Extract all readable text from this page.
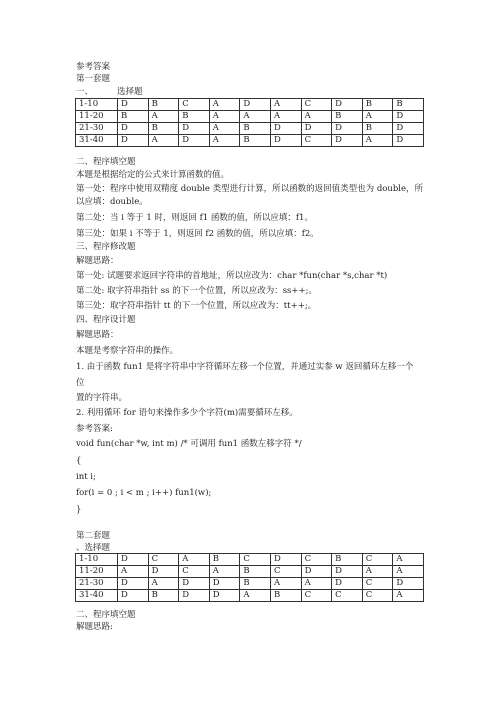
参考答案
第一套题
一、	选择题
1-10	D	B	C	A	D	A	C	D	B	B
11-20	B	A	B	A	A	A	A	B	A	D
21-30	D	B	D	A	B	D	D	D	B	D
31-40	D	A	D	A	B	D	C	D	A	D
二、程序填空题
本题是根据给定的公式来计算函数的值。
第一处：程序中使用双精度 double 类型进行计算，所以函数的返回值类型也为 double，所
以应填：double。
第二处：当 i 等于 1 时，则返回 f1 函数的值，所以应填：f1。
第三处：如果 i 不等于 1，则返回 f2 函数的值，所以应填：f2。
三、程序修改题
解题思路：
第一处: 试题要求返回字符串的首地址，所以应改为：char *fun(char *s,char *t)
第二处: 取字符串指针 ss 的下一个位置，所以应改为：ss++;。
第三处：取字符串指针 tt 的下一个位置，所以应改为：tt++;。
四、程序设计题
解题思路：
本题是考察字符串的操作。
1. 由于函数 fun1 是将字符串中字符循环左移一个位置，并通过实参 w 返回循环左移一个
位
置的字符串。
2. 利用循环 for 语句来操作多少个字符(m)需要循环左移。
参考答案:
void fun(char *w, int m) /* 可调用 fun1 函数左移字符 */
{
int i;
for(i = 0 ; i < m ; i++) fun1(w);
}
第二套题
、选择题
1-10	D	C	A	B	C	D	C	B	C	A
11-20	A	D	C	A	B	C	D	D	A	A
21-30	D	A	D	D	B	A	A	D	C	D
31-40	D	B	D	D	A	B	C	C	C	A
二、程序填空题
解题思路:
